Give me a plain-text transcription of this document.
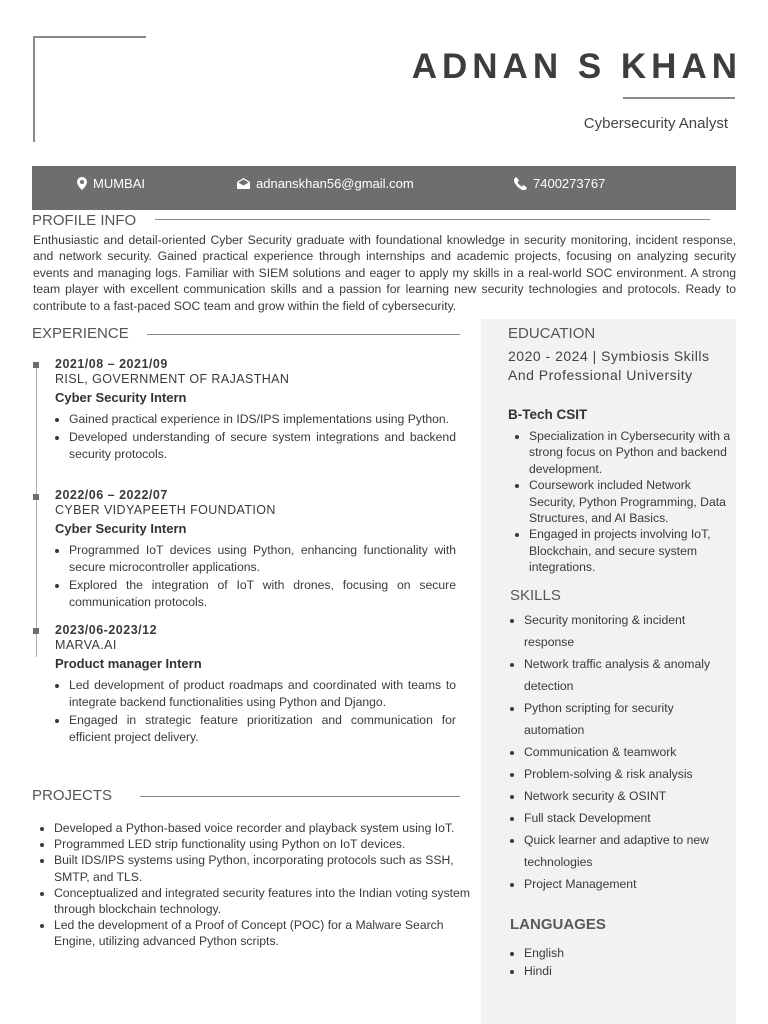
ADNAN S KHAN
Cybersecurity Analyst
MUMBAI	adnanskhan56@gmail.com	7400273767
PROFILE INFO
Enthusiastic and detail-oriented Cyber Security graduate with foundational knowledge in security monitoring, incident response, and network security. Gained practical experience through internships and academic projects, focusing on analyzing security events and managing logs. Familiar with SIEM solutions and eager to apply my skills in a real-world SOC environment. A strong team player with excellent communication skills and a passion for learning new security technologies and protocols. Ready to contribute to a fast-paced SOC team and grow within the field of cybersecurity.
EXPERIENCE
2021/08 – 2021/09
RISL, GOVERNMENT OF RAJASTHAN
Cyber Security Intern
• Gained practical experience in IDS/IPS implementations using Python.
• Developed understanding of secure system integrations and backend security protocols.
2022/06 – 2022/07
CYBER VIDYAPEETH FOUNDATION
Cyber Security Intern
• Programmed IoT devices using Python, enhancing functionality with secure microcontroller applications.
• Explored the integration of IoT with drones, focusing on secure communication protocols.
2023/06-2023/12
MARVA.AI
Product manager Intern
• Led development of product roadmaps and coordinated with teams to integrate backend functionalities using Python and Django.
• Engaged in strategic feature prioritization and communication for efficient project delivery.
PROJECTS
• Developed a Python-based voice recorder and playback system using IoT.
• Programmed LED strip functionality using Python on IoT devices.
• Built IDS/IPS systems using Python, incorporating protocols such as SSH, SMTP, and TLS.
• Conceptualized and integrated security features into the Indian voting system through blockchain technology.
• Led the development of a Proof of Concept (POC) for a Malware Search Engine, utilizing advanced Python scripts.
EDUCATION
2020 - 2024 | Symbiosis Skills And Professional University
B-Tech CSIT
• Specialization in Cybersecurity with a strong focus on Python and backend development.
• Coursework included Network Security, Python Programming, Data Structures, and AI Basics.
• Engaged in projects involving IoT, Blockchain, and secure system integrations.
SKILLS
• Security monitoring & incident response
• Network traffic analysis & anomaly detection
• Python scripting for security automation
• Communication & teamwork
• Problem-solving & risk analysis
• Network security & OSINT
• Full stack Development
• Quick learner and adaptive to new technologies
• Project Management
LANGUAGES
• English
• Hindi
